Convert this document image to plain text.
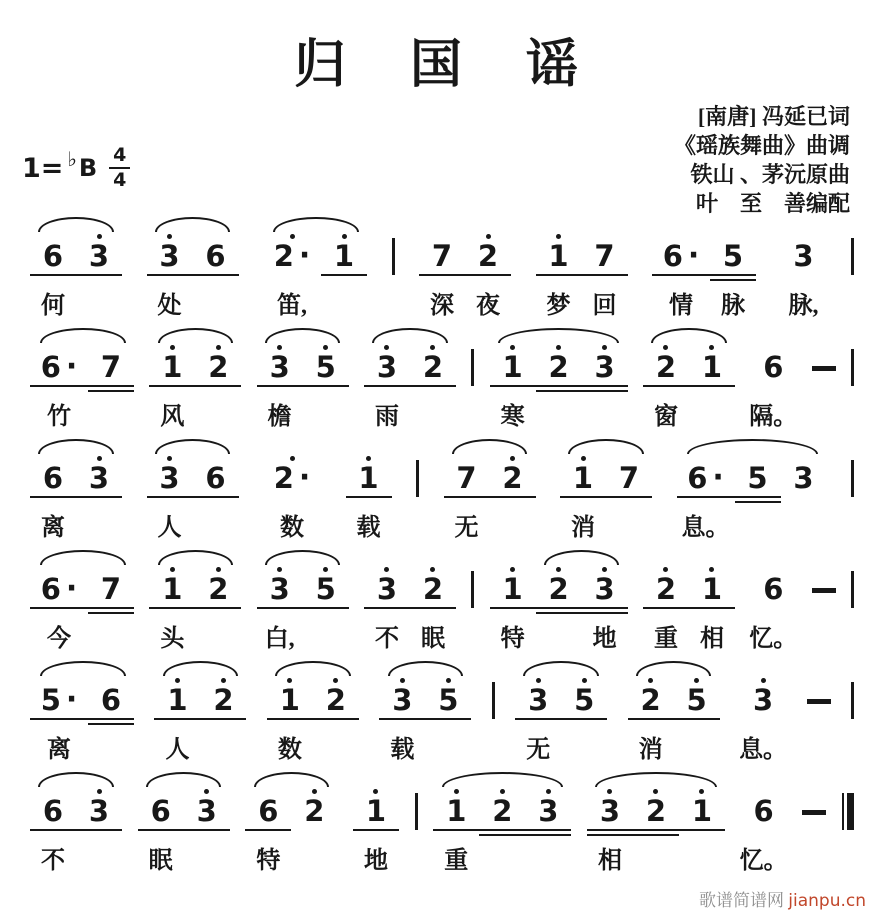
归　国　谣
[南唐] 冯延已词
《瑶族舞曲》曲调
铁山 、茅沅原曲
叶　至　善编配
1= ♭ B $\frac{4}{4}$
6
何
3 3
处
6 2 ·
笛,
1	7
深
2
夜
1
梦
7
回
6 ·
情
5
脉
3
脉,
6 ·
竹
7 1
风
2 3
檐
5 3
雨
2 1
寒
2 3 2
窗
1 6
隔。
6
离
3 3
人
6 2 ·
数
1
载
7
无
2 1
消
7 6 ·
息。
5 3
6 ·
今
7 1
头
2 3
白,
5 3
不
2
眠
1
特
2 3
地
2
重
1
相
6
忆。
5 ·
离
6 1
人
2 1
数
2 3
载
5 3
无
5 2
消
5 3
息。
6
不
3 6
眠
3 6
特
2 1
地
1
重
2 3 3
相
2 1 6
忆。
歌谱简谱网 jianpu.cn
